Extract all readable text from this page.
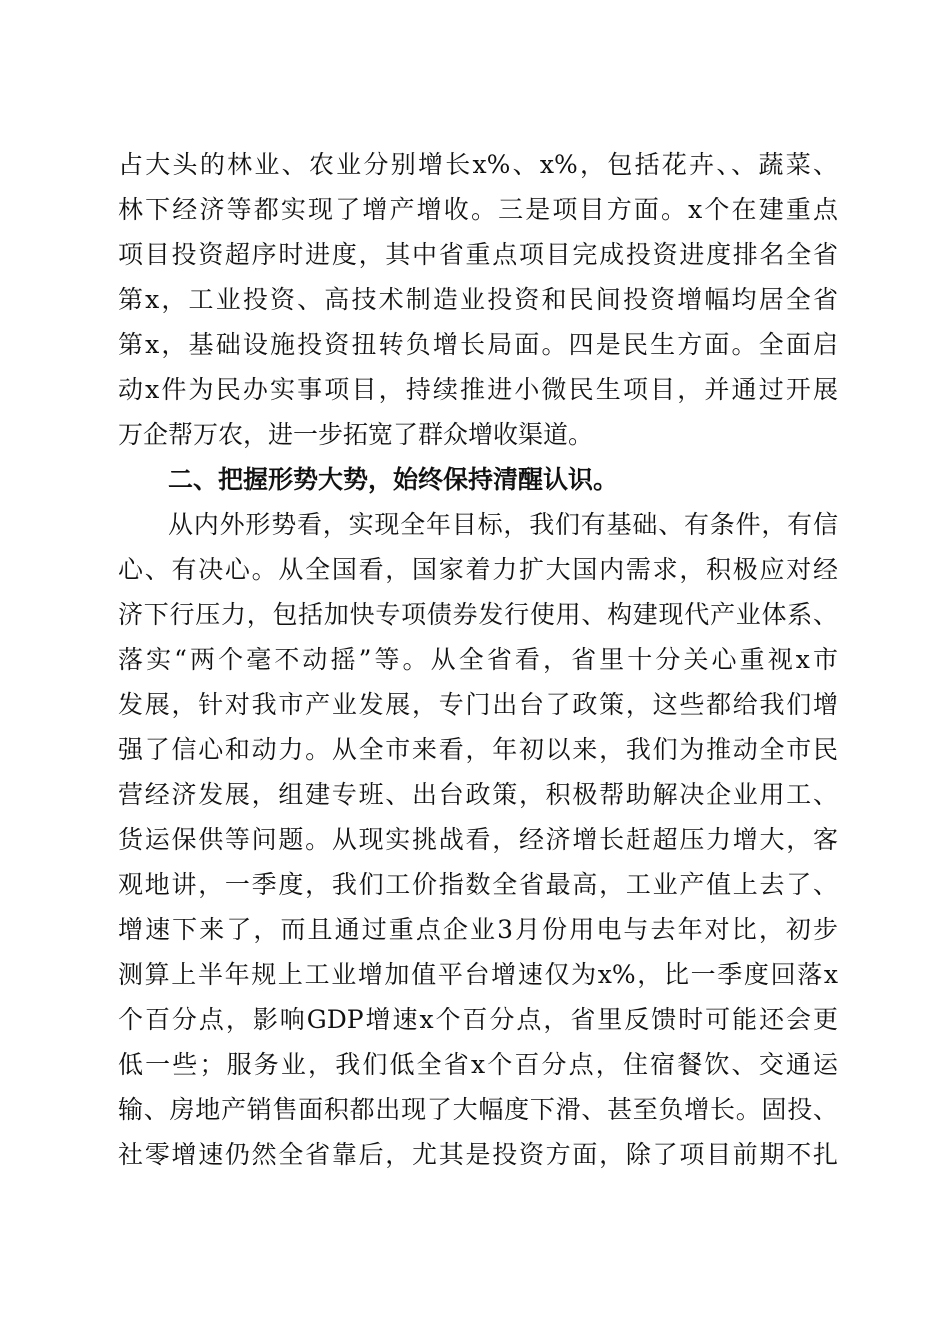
占大头的林业、农业分别增长x%、x%，包括花卉、、蔬菜、
林下经济等都实现了增产增收。三是项目方面。x个在建重点
项目投资超序时进度，其中省重点项目完成投资进度排名全省
第x，工业投资、高技术制造业投资和民间投资增幅均居全省
第x，基础设施投资扭转负增长局面。四是民生方面。全面启
动x件为民办实事项目，持续推进小微民生项目，并通过开展
万企帮万农，进一步拓宽了群众增收渠道。
二、把握形势大势，始终保持清醒认识。
从内外形势看，实现全年目标，我们有基础、有条件，有信
心、有决心。从全国看，国家着力扩大国内需求，积极应对经
济下行压力，包括加快专项债券发行使用、构建现代产业体系、
落实“两个毫不动摇”等。从全省看，省里十分关心重视x市
发展，针对我市产业发展，专门出台了政策，这些都给我们增
强了信心和动力。从全市来看，年初以来，我们为推动全市民
营经济发展，组建专班、出台政策，积极帮助解决企业用工、
货运保供等问题。从现实挑战看，经济增长赶超压力增大，客
观地讲，一季度，我们工价指数全省最高，工业产值上去了、
增速下来了，而且通过重点企业3月份用电与去年对比，初步
测算上半年规上工业增加值平台增速仅为x%，比一季度回落x
个百分点，影响GDP增速x个百分点，省里反馈时可能还会更
低一些；服务业，我们低全省x个百分点，住宿餐饮、交通运
输、房地产销售面积都出现了大幅度下滑、甚至负增长。固投、
社零增速仍然全省靠后，尤其是投资方面，除了项目前期不扎
